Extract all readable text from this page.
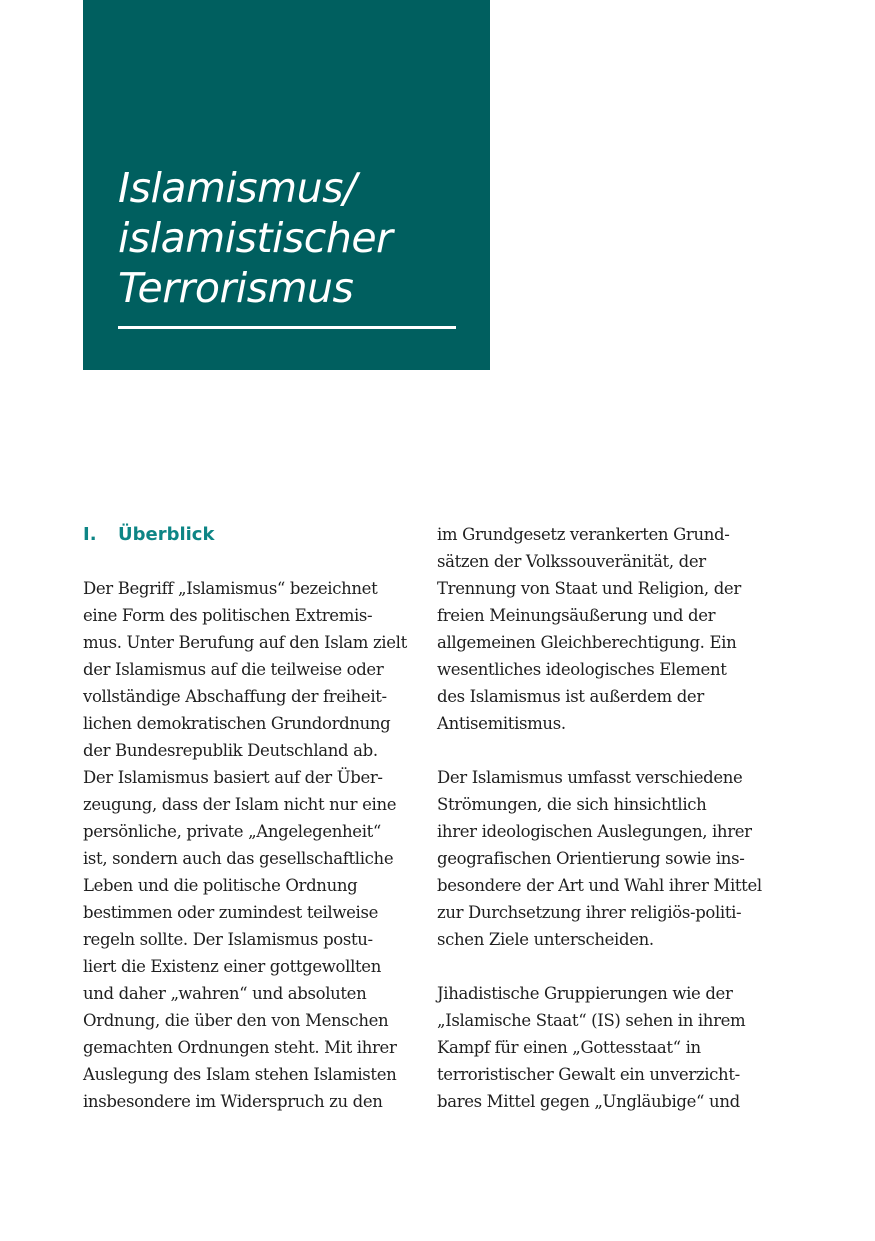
Islamismus/
islamistischer
Terrorismus
I. Überblick
Der Begriff „Islamismus“ bezeichnet
eine Form des politischen Extremis-
mus. Unter Berufung auf den Islam zielt
der Islamismus auf die teilweise oder
vollständige Abschaffung der freiheit-
lichen demokratischen Grundordnung
der Bundesrepublik Deutschland ab.
Der Islamismus basiert auf der Über-
zeugung, dass der Islam nicht nur eine
persönliche, private „Angelegenheit“
ist, sondern auch das gesellschaftliche
Leben und die politische Ordnung
bestimmen oder zumindest teilweise
regeln sollte. Der Islamismus postu-
liert die Existenz einer gottgewollten
und daher „wahren“ und absoluten
Ordnung, die über den von Menschen
gemachten Ordnungen steht. Mit ihrer
Auslegung des Islam stehen Islamisten
insbesondere im Widerspruch zu den
im Grundgesetz verankerten Grund-
sätzen der Volkssouveränität, der
Trennung von Staat und Religion, der
freien Meinungsäußerung und der
allgemeinen Gleichberechtigung. Ein
wesentliches ideologisches Element
des Islamismus ist außerdem der
Antisemitismus.
Der Islamismus umfasst verschiedene
Strömungen, die sich hinsichtlich
ihrer ideologischen Auslegungen, ihrer
geografischen Orientierung sowie ins-
besondere der Art und Wahl ihrer Mittel
zur Durchsetzung ihrer religiös-politi-
schen Ziele unterscheiden.
Jihadistische Gruppierungen wie der
„Islamische Staat“ (IS) sehen in ihrem
Kampf für einen „Gottesstaat“ in
terroristischer Gewalt ein unverzicht-
bares Mittel gegen „Ungläubige“ und
